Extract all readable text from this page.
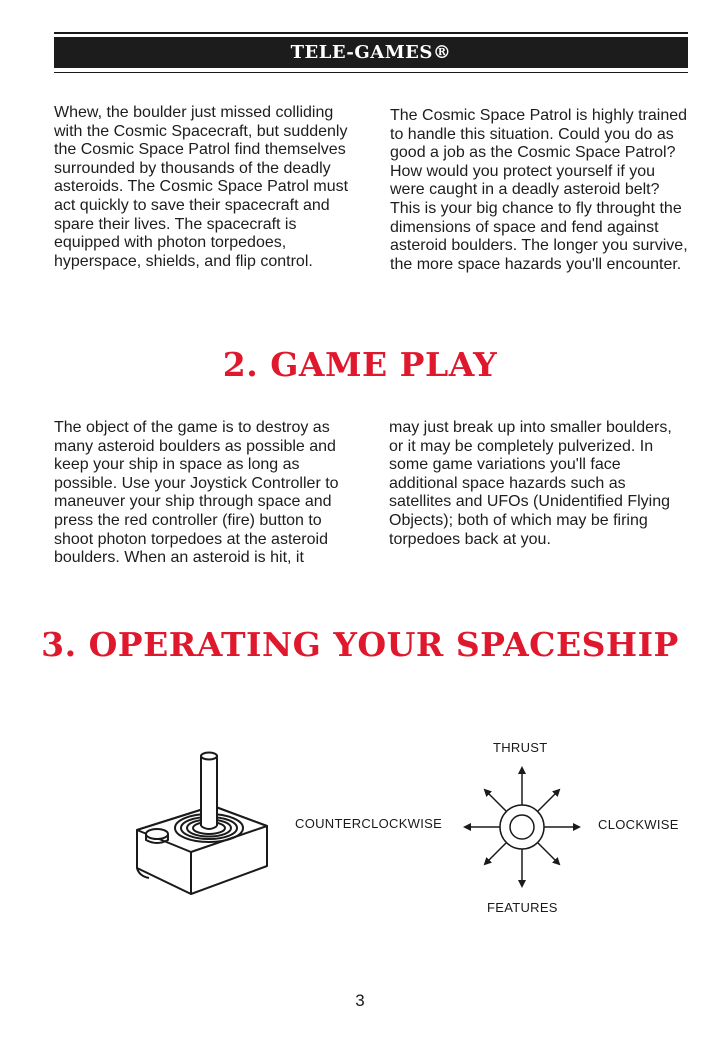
TELE-GAMES®

Whew, the boulder just missed colliding with the Cosmic Spacecraft, but suddenly the Cosmic Space Patrol find themselves surrounded by thousands of the deadly asteroids. The Cosmic Space Patrol must act quickly to save their spacecraft and spare their lives. The spacecraft is equipped with photon torpedoes, hyperspace, shields, and flip control.

The Cosmic Space Patrol is highly trained to handle this situation. Could you do as good a job as the Cosmic Space Patrol? How would you protect yourself if you were caught in a deadly asteroid belt? This is your big chance to fly throught the dimensions of space and fend against asteroid boulders. The longer you survive, the more space hazards you'll encounter.

2. GAME PLAY

The object of the game is to destroy as many asteroid boulders as possible and keep your ship in space as long as possible. Use your Joystick Controller to maneuver your ship through space and press the red controller (fire) button to shoot photon torpedoes at the asteroid boulders. When an asteroid is hit, it

may just break up into smaller boulders, or it may be completely pulverized. In some game variations you'll face additional space hazards such as satellites and UFOs (Unidentified Flying Objects); both of which may be firing torpedoes back at you.

3. OPERATING YOUR SPACESHIP
THRUST
COUNTERCLOCKWISE	CLOCKWISE
FEATURES
3
